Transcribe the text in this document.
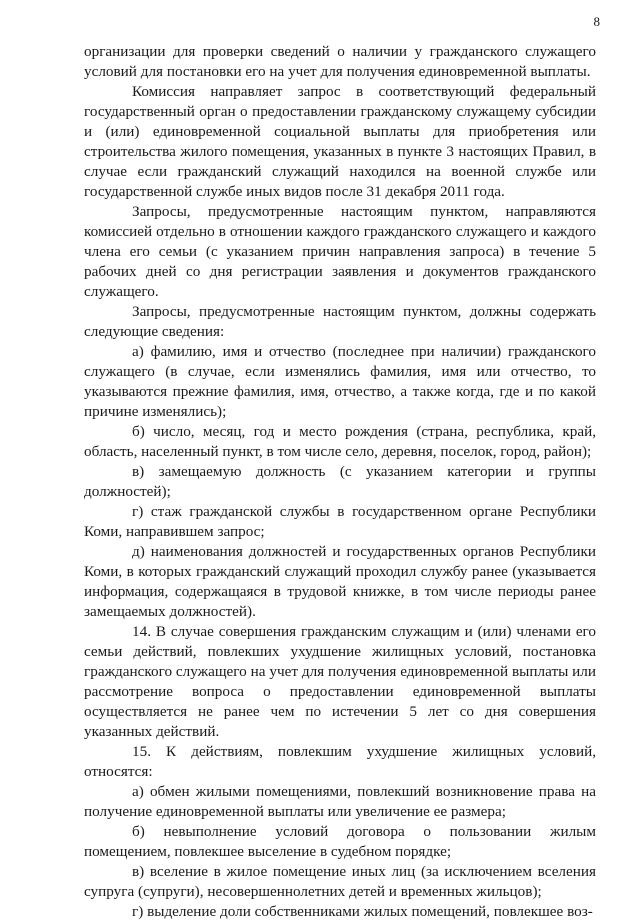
8

организации для проверки сведений о наличии у гражданского служащего условий для постановки его на учет для получения единовременной выплаты.

Комиссия направляет запрос в соответствующий федеральный государственный орган о предоставлении гражданскому служащему субсидии и (или) единовременной социальной выплаты для приобретения или строительства жилого помещения, указанных в пункте 3 настоящих Правил, в случае если гражданский служащий находился на военной службе или государственной службе иных видов после 31 декабря 2011 года.

Запросы, предусмотренные настоящим пунктом, направляются комиссией отдельно в отношении каждого гражданского служащего и каждого члена его семьи (с указанием причин направления запроса) в течение 5 рабочих дней со дня регистрации заявления и документов гражданского служащего.

Запросы, предусмотренные настоящим пунктом, должны содержать следующие сведения:

а) фамилию, имя и отчество (последнее при наличии) гражданского служащего (в случае, если изменялись фамилия, имя или отчество, то указываются прежние фамилия, имя, отчество, а также когда, где и по какой причине изменялись);

б) число, месяц, год и место рождения (страна, республика, край, область, населенный пункт, в том числе село, деревня, поселок, город, район);

в) замещаемую должность (с указанием категории и группы должностей);

г) стаж гражданской службы в государственном органе Республики Коми, направившем запрос;

д) наименования должностей и государственных органов Республики Коми, в которых гражданский служащий проходил службу ранее (указывается информация, содержащаяся в трудовой книжке, в том числе периоды ранее замещаемых должностей).

14. В случае совершения гражданским служащим и (или) членами его семьи действий, повлекших ухудшение жилищных условий, постановка гражданского служащего на учет для получения единовременной выплаты или рассмотрение вопроса о предоставлении единовременной выплаты осуществляется не ранее чем по истечении 5 лет со дня совершения указанных действий.

15. К действиям, повлекшим ухудшение жилищных условий, относятся:

а) обмен жилыми помещениями, повлекший возникновение права на получение единовременной выплаты или увеличение ее размера;

б) невыполнение условий договора о пользовании жилым помещением, повлекшее выселение в судебном порядке;

в) вселение в жилое помещение иных лиц (за исключением вселения супруга (супруги), несовершеннолетних детей и временных жильцов);

г) выделение доли собственниками жилых помещений, повлекшее воз-
